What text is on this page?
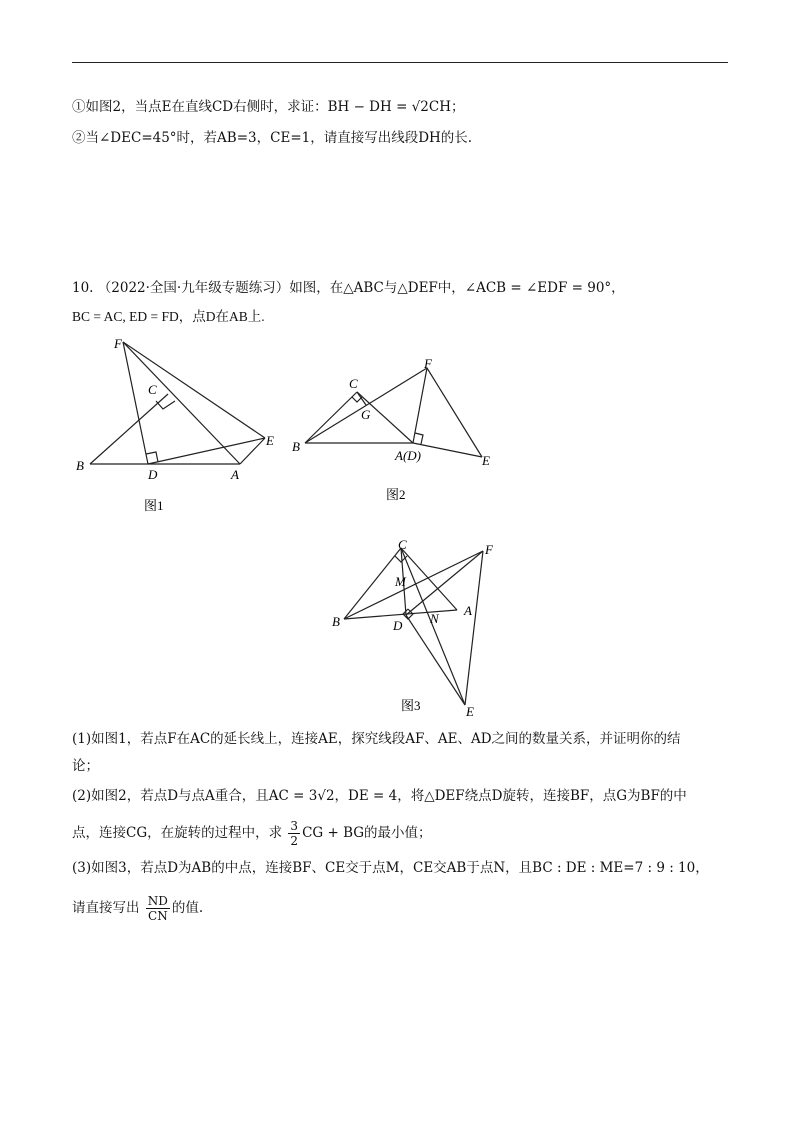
①如图2，当点E在直线CD右侧时，求证：BH − DH = √2CH；
②当∠DEC=45°时，若AB=3，CE=1，请直接写出线段DH的长.
10. （2022·全国·九年级专题练习）如图，在△ABC与△DEF中，∠ACB = ∠EDF = 90°，
BC = AC, ED = FD，点D在AB上.
F
C
B
D	A
E
图1
C
G
F
B
A(D)	E
图2
C	F
M
B	D N
A
E
图3
(1)如图1，若点F在AC的延长线上，连接AE，探究线段AF、AE、AD之间的数量关系，并证明你的结
论；
(2)如图2，若点D与点A重合，且AC = 3√2，DE = 4，将△DEF绕点D旋转，连接BF，点G为BF的中
点，连接CG，在旋转的过程中，求 $\frac{3}{2}$ CG + BG的最小值；
(3)如图3，若点D为AB的中点，连接BF、CE交于点M，CE交AB于点N，且BC : DE : ME=7 : 9 : 10，
请直接写出 $\frac{ND}{CN}$ 的值.
